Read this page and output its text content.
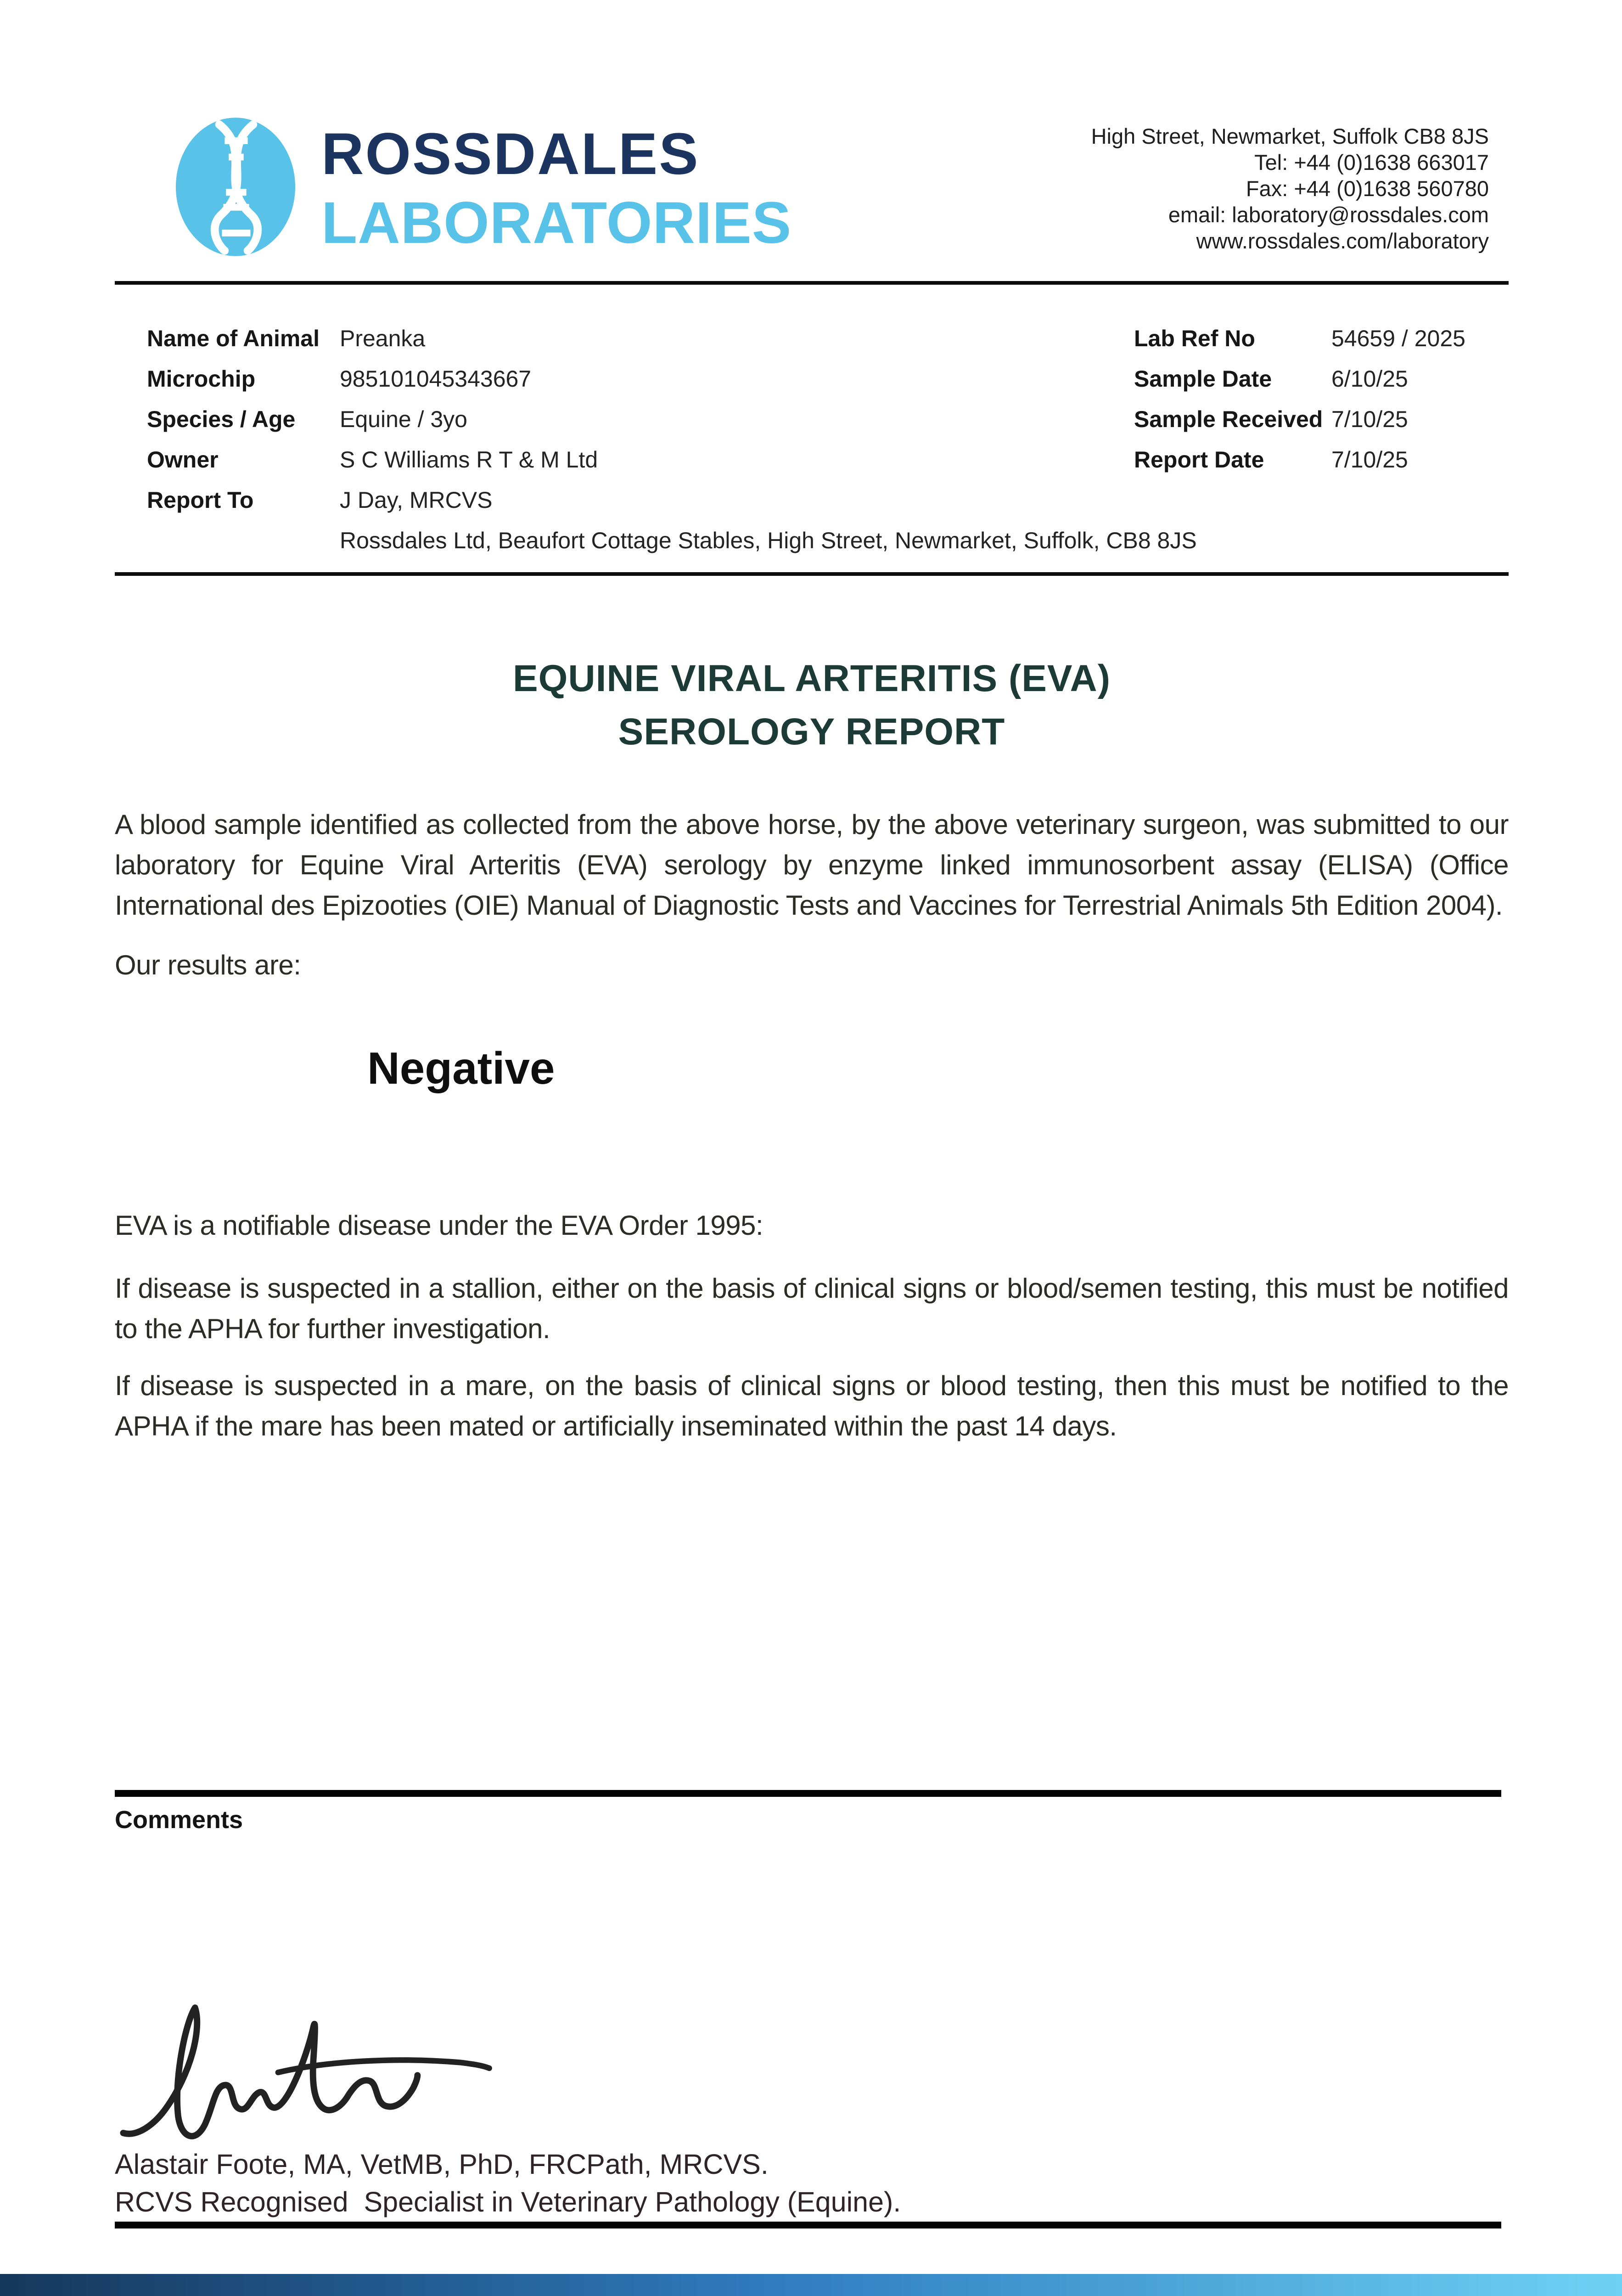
ROSSDALES
LABORATORIES
High Street, Newmarket, Suffolk CB8 8JS
Tel: +44 (0)1638 663017
Fax: +44 (0)1638 560780
email: laboratory@rossdales.com
www.rossdales.com/laboratory
Name of Animal
Microchip
Species / Age
Owner
Report To
Preanka
985101045343667
Equine / 3yo
S C Williams R T & M Ltd
J Day, MRCVS
Rossdales Ltd, Beaufort Cottage Stables, High Street, Newmarket, Suffolk, CB8 8JS
Lab Ref No
Sample Date
Sample Received
Report Date
54659 / 2025
6/10/25
7/10/25
7/10/25
EQUINE VIRAL ARTERITIS (EVA)
SEROLOGY REPORT
A blood sample identified as collected from the above horse, by the above veterinary surgeon, was submitted to our laboratory for Equine Viral Arteritis (EVA) serology by enzyme linked immunosorbent assay (ELISA) (Office International des Epizooties (OIE) Manual of Diagnostic Tests and Vaccines for Terrestrial Animals 5th Edition 2004).
Our results are:
Negative
EVA is a notifiable disease under the EVA Order 1995:
If disease is suspected in a stallion, either on the basis of clinical signs or blood/semen testing, this must be notified to the APHA for further investigation.
If disease is suspected in a mare, on the basis of clinical signs or blood testing, then this must be notified to the APHA if the mare has been mated or artificially inseminated within the past 14 days.
Comments
Alastair Foote, MA, VetMB, PhD, FRCPath, MRCVS.
RCVS Recognised  Specialist in Veterinary Pathology (Equine).
